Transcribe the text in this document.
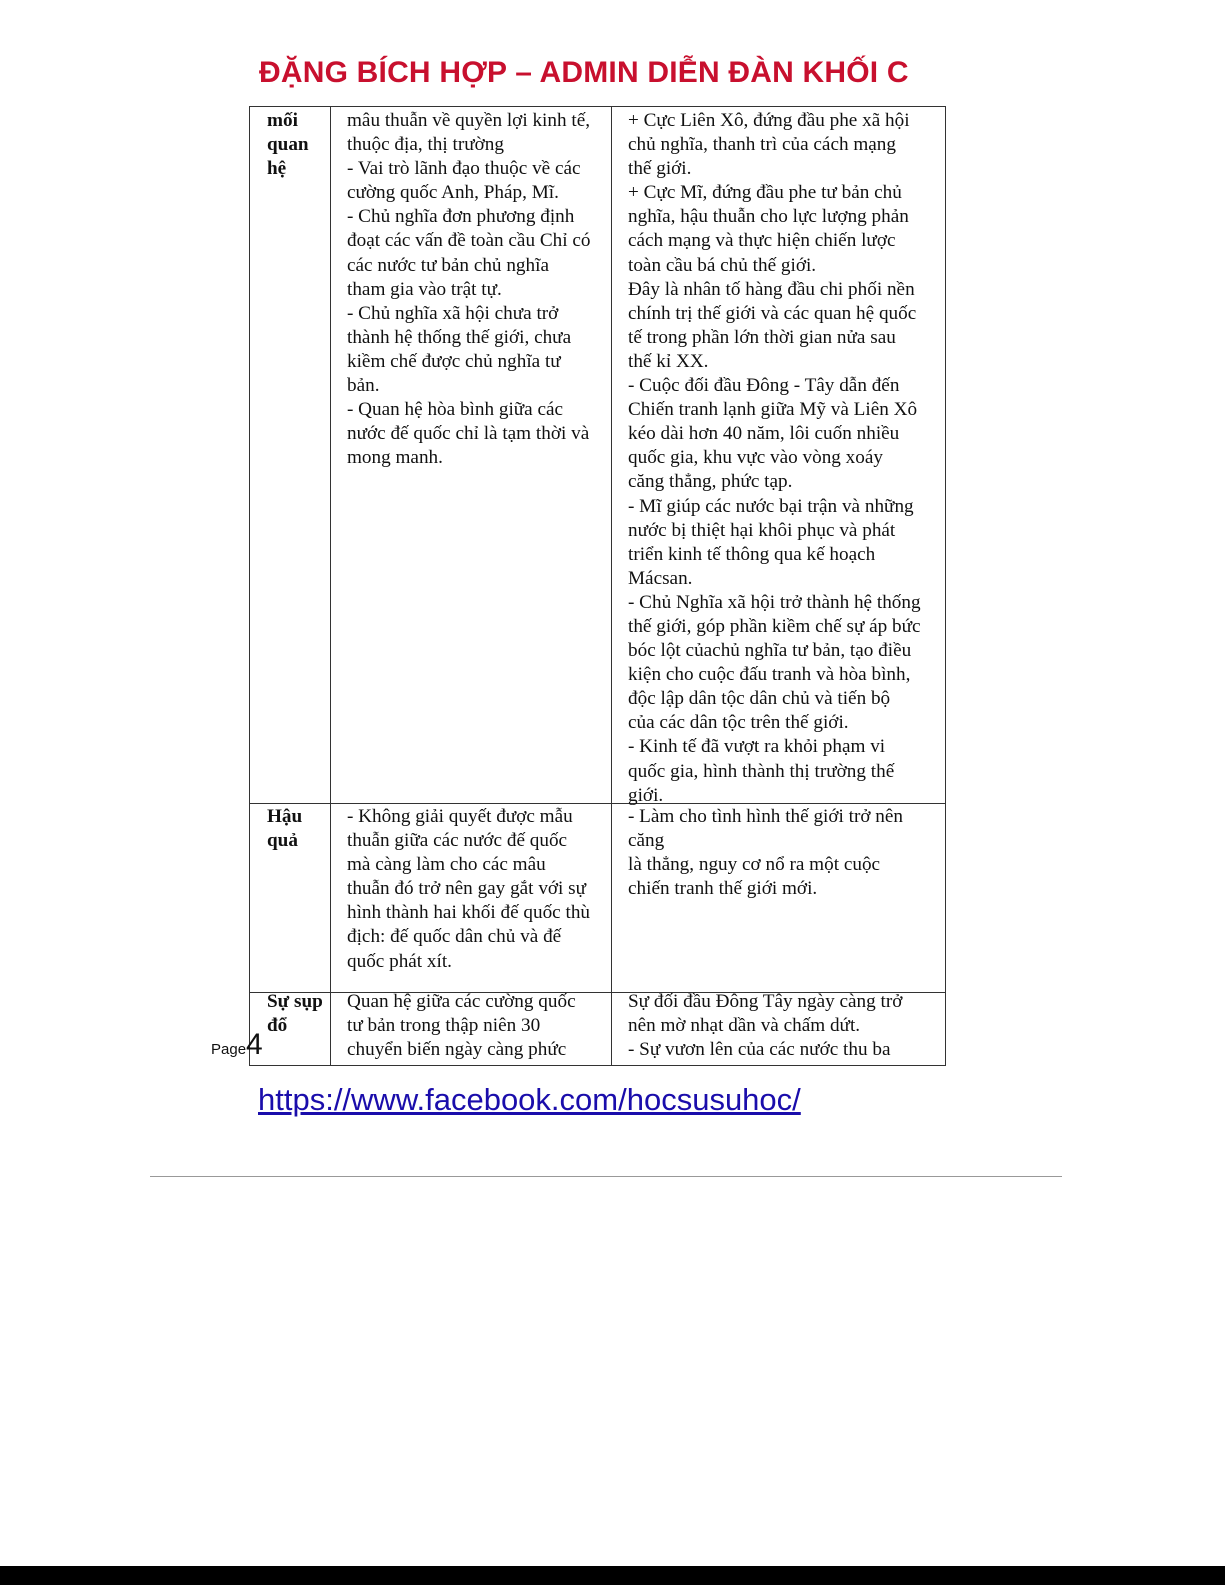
ĐẶNG BÍCH HỢP – ADMIN DIỄN ĐÀN KHỐI C
mối
quan
hệ
mâu thuẫn về quyền lợi kinh tế,
thuộc địa, thị trường
- Vai trò lãnh đạo thuộc về các
cường quốc Anh, Pháp, Mĩ.
- Chủ nghĩa đơn phương định
đoạt các vấn đề toàn cầu Chỉ có
các nước tư bản chủ nghĩa
tham gia vào trật tự.
- Chủ nghĩa xã hội chưa trở
thành hệ thống thế giới, chưa
kiềm chế được chủ nghĩa tư
bản.
- Quan hệ hòa bình giữa các
nước đế quốc chỉ là tạm thời và
mong manh.
+ Cực Liên Xô, đứng đầu phe xã hội
chủ nghĩa, thanh trì của cách mạng
thế giới.
+ Cực Mĩ, đứng đầu phe tư bản chủ
nghĩa, hậu thuẫn cho lực lượng phản
cách mạng và thực hiện chiến lược
toàn cầu bá chủ thế giới.
Đây là nhân tố hàng đầu chi phối nền
chính trị thế giới và các quan hệ quốc
tế trong phần lớn thời gian nửa sau
thế kỉ XX.
- Cuộc đối đầu Đông - Tây dẫn đến
Chiến tranh lạnh giữa Mỹ và Liên Xô
kéo dài hơn 40 năm, lôi cuốn nhiều
quốc gia, khu vực vào vòng xoáy
căng thẳng, phức tạp.
- Mĩ giúp các nước bại trận và những
nước bị thiệt hại khôi phục và phát
triển kinh tế thông qua kế hoạch
Mácsan.
- Chủ Nghĩa xã hội trở thành hệ thống
thế giới, góp phần kiềm chế sự áp bức
bóc lột củachủ nghĩa tư bản, tạo điều
kiện cho cuộc đấu tranh và hòa bình,
độc lập dân tộc dân chủ và tiến bộ
của các dân tộc trên thế giới.
- Kinh tế đã vượt ra khỏi phạm vi
quốc gia, hình thành thị trường thế
giới.
Hậu
quả
- Không giải quyết được mẫu
thuẫn giữa các nước đế quốc
mà càng làm cho các mâu
thuẫn đó trở nên gay gắt với sự
hình thành hai khối đế quốc thù
địch: đế quốc dân chủ và đế
quốc phát xít.
- Làm cho tình hình thế giới trở nên
căng
là thẳng, nguy cơ nổ ra một cuộc
chiến tranh thế giới mới.
Sự sụp
đổ
Quan hệ giữa các cường quốc
tư bản trong thập niên 30
chuyển biến ngày càng phức
Sự đối đầu Đông Tây ngày càng trở
nên mờ nhạt dần và chấm dứt.
- Sự vươn lên của các nước thu ba
Page4
https://www.facebook.com/hocsusuhoc/
